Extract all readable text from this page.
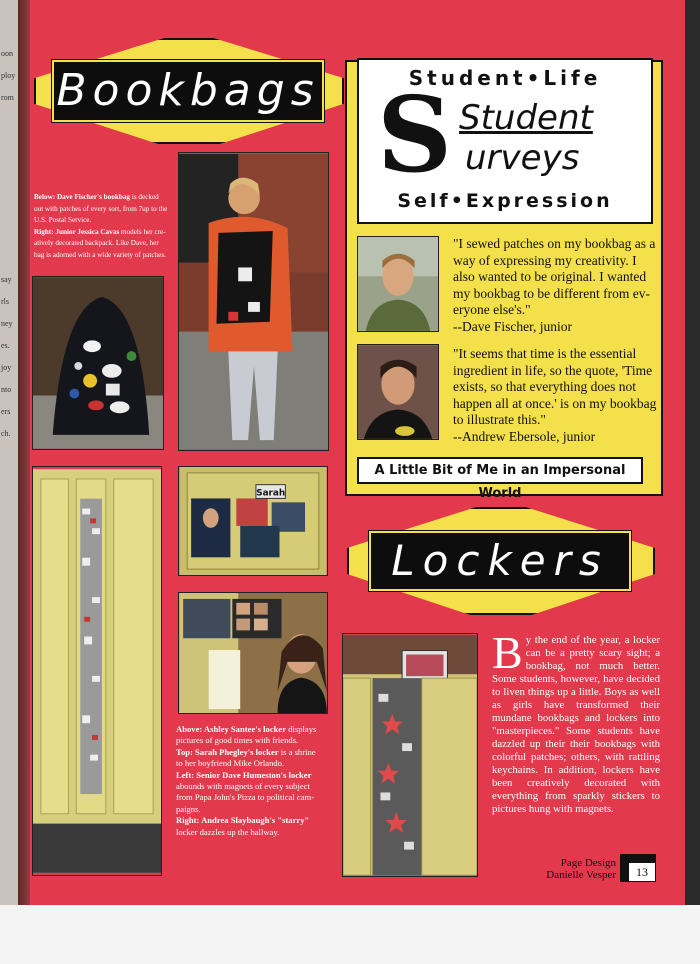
oon
ploy
rom
say
rls
ney
es.
joy
nto
ers
ch.
Bookbags
Below: Dave Fischer's bookbag is decked
out with patches of every sort, from 7up to the
U.S. Postal Service.
Right: Junior Jessica Cavas models her cre-
atively decorated backpack. Like Dave, her
bag is adorned with a wide variety of patches.
Student•Life
S Student
urveys
Self•Expression
"I sewed patches on my bookbag as a
way of expressing my creativity. I
also wanted to be original. I wanted
my bookbag to be different from ev-
eryone else's."
--Dave Fischer, junior
"It seems that time is the essential
ingredient in life, so the quote, 'Time
exists, so that everything does not
happen all at once.' is on my bookbag
to illustrate this."
--Andrew Ebersole, junior
A Little Bit of Me in an Impersonal World
Sarah
Lockers
Above: Ashley Santee's locker displays
pictures of good times with friends.
Top: Sarah Phegley's locker is a shrine
to her boyfriend Mike Orlando.
Left: Senior Dave Humeston's locker
abounds with magnets of every subject
from Papa John's Pizza to political cam-
paigns.
Right: Andrea Slaybaugh's "starry"
locker dazzles up the hallway.
By the end of the year, a locker can be a pretty scary sight; a bookbag, not much better. Some students, however, have decided to liven things up a little. Boys as well as girls have transformed their mundane bookbags and lockers into "masterpieces." Some students have dazzled up their their bookbags with colorful patches; others, with rattling keychains. In addition, lockers have been creatively decorated with everything from sparkly stickers to pictures hung with magnets.
Page Design
Danielle Vesper	13
